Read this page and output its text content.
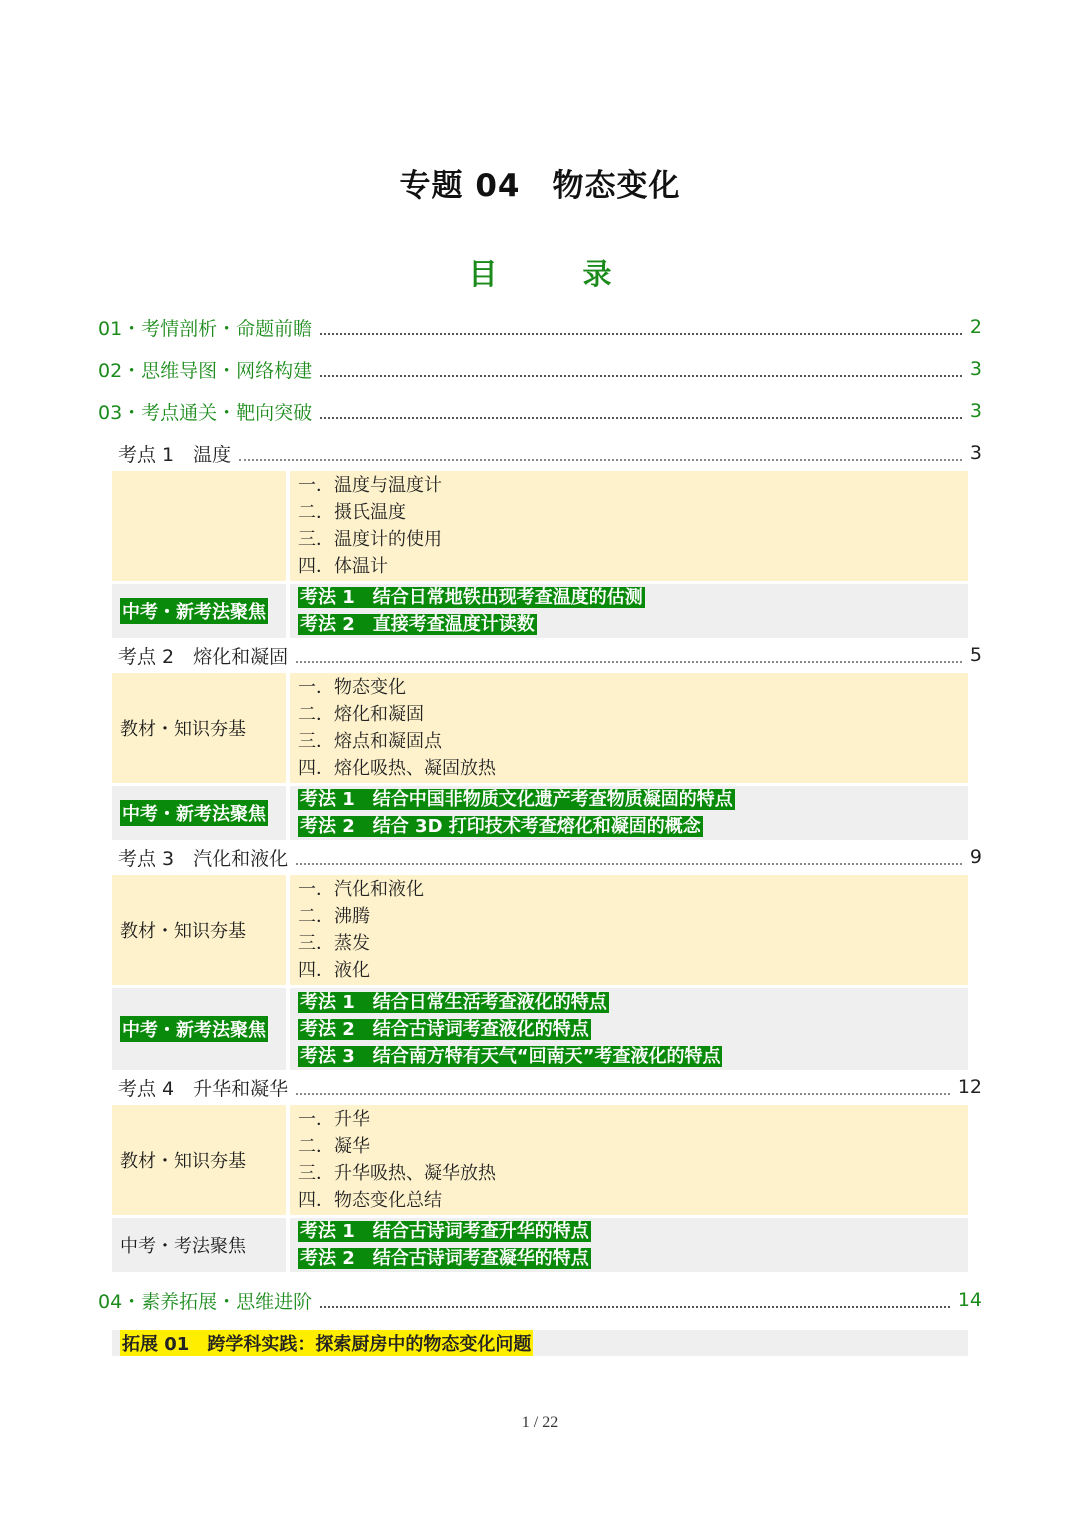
专题 04　物态变化
目　录
01・考情剖析・命题前瞻	2
02・思维导图・网络构建	3
03・考点通关・靶向突破	3
考点 1　温度	3
一．温度与温度计
二．摄氏温度
三．温度计的使用
四．体温计
中考・新考法聚焦
考法 1　结合日常地铁出现考查温度的估测
考法 2　直接考查温度计读数
考点 2　熔化和凝固	5
教材・知识夯基
一．物态变化
二．熔化和凝固
三．熔点和凝固点
四．熔化吸热、凝固放热
中考・新考法聚焦
考法 1　结合中国非物质文化遗产考查物质凝固的特点
考法 2　结合 3D 打印技术考查熔化和凝固的概念
考点 3　汽化和液化	9
教材・知识夯基
一．汽化和液化
二．沸腾
三．蒸发
四．液化
中考・新考法聚焦
考法 1　结合日常生活考查液化的特点
考法 2　结合古诗词考查液化的特点
考法 3　结合南方特有天气“回南天”考查液化的特点
考点 4　升华和凝华	12
教材・知识夯基
一．升华
二．凝华
三．升华吸热、凝华放热
四．物态变化总结
中考・考法聚焦
考法 1　结合古诗词考查升华的特点
考法 2　结合古诗词考查凝华的特点
04・素养拓展・思维进阶	14
拓展 01　跨学科实践：探索厨房中的物态变化问题
1 / 22
